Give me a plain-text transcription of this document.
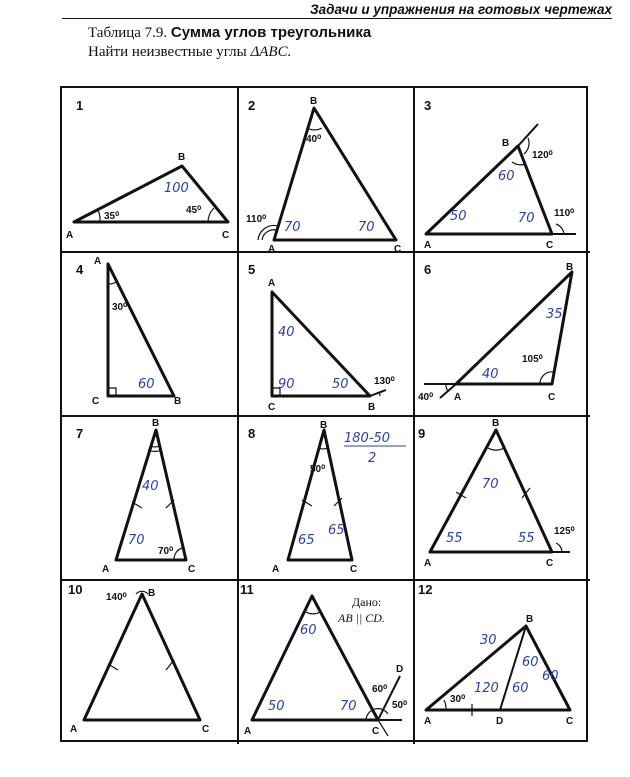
Задачи и упражнения на готовых чертежах
Таблица 7.9. Сумма углов треугольника
Найти неизвестные углы ΔABC.
1
A
B
C
35⁰
45⁰
100
2	B
A	C
40⁰
110⁰
70	70
3
B
A	C
120⁰
110⁰
60
50	70
4
A
C	B
30⁰
60
5
A
C	B
130⁰
40
90	50
6	B
A	C
105⁰
40⁰
35
40
7
B
A	C
70⁰
40
70
8
B
A	C
50⁰
180-50
2
65
65
9
B
A	C
125⁰
70
55	55
10	B
A	C
140⁰
11
Дано:
AB || CD.
D
A	C
60⁰
50⁰
60
50	70
12
B
A	D	C
30⁰
30
60
120 60
60
